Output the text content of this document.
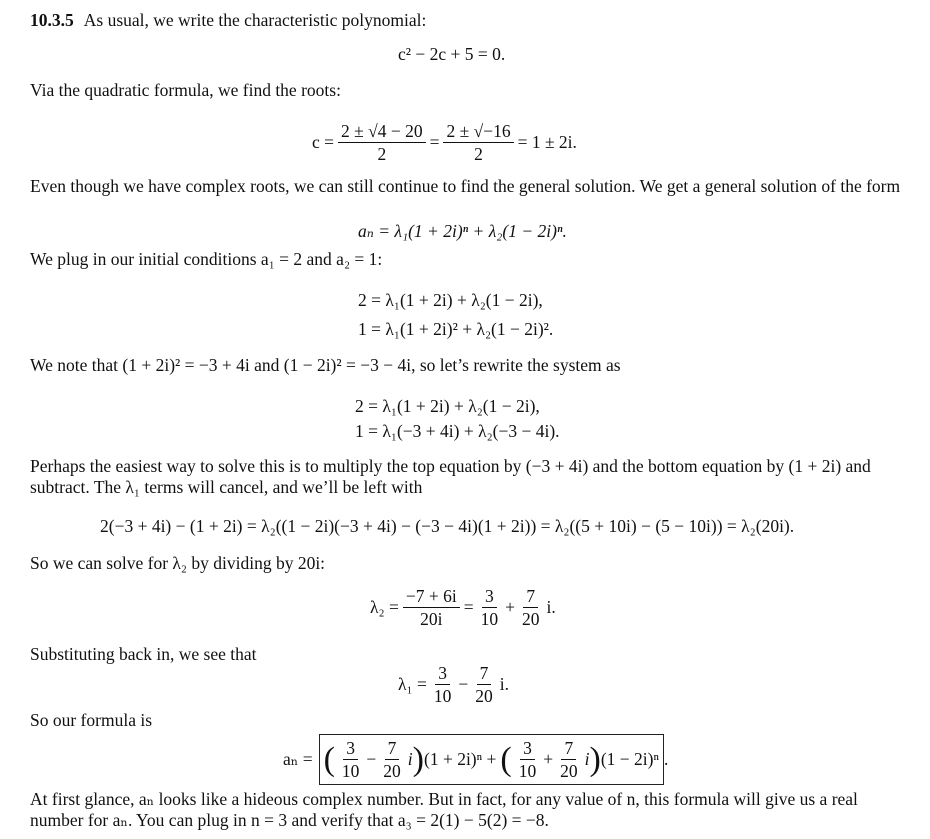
10.3.5 As usual, we write the characteristic polynomial:
c² − 2c + 5 = 0.
Via the quadratic formula, we find the roots:
$c = \frac{2 \pm √4 - 20}{2} = \frac{2 \pm √-16}{2} = 1 \pm 2i$.
Even though we have complex roots, we can still continue to find the general solution. We get a general solution of the form
aₙ = λ₁(1 + 2i)ⁿ + λ₂(1 − 2i)ⁿ.
We plug in our initial conditions a₁ = 2 and a₂ = 1:
2 = λ₁(1 + 2i) + λ₂(1 − 2i),
1 = λ₁(1 + 2i)² + λ₂(1 − 2i)².
We note that (1 + 2i)² = −3 + 4i and (1 − 2i)² = −3 − 4i, so let’s rewrite the system as
2 = λ₁(1 + 2i) + λ₂(1 − 2i),
1 = λ₁(−3 + 4i) + λ₂(−3 − 4i).
Perhaps the easiest way to solve this is to multiply the top equation by (−3 + 4i) and the bottom equation by (1 + 2i) and subtract. The λ₁ terms will cancel, and we’ll be left with
2(−3 + 4i) − (1 + 2i) = λ₂((1 − 2i)(−3 + 4i) − (−3 − 4i)(1 + 2i)) = λ₂((5 + 10i) − (5 − 10i)) = λ₂(20i).
So we can solve for λ₂ by dividing by 20i:
$\lambda_2 = \frac{-7 + 6i}{20i} = \frac{3}{10} + \frac{7}{20} i$.
Substituting back in, we see that
$\lambda_1 = \frac{3}{10} - \frac{7}{20} i$.
So our formula is
aₙ = ( $\frac{3}{10} - \frac{7}{20}$ i ) (1 + 2i)ⁿ + ( $\frac{3}{10} + \frac{7}{20}$ i ) (1 − 2i)ⁿ .
At first glance, aₙ looks like a hideous complex number. But in fact, for any value of n, this formula will give us a real number for aₙ. You can plug in n = 3 and verify that a₃ = 2(1) − 5(2) = −8.
